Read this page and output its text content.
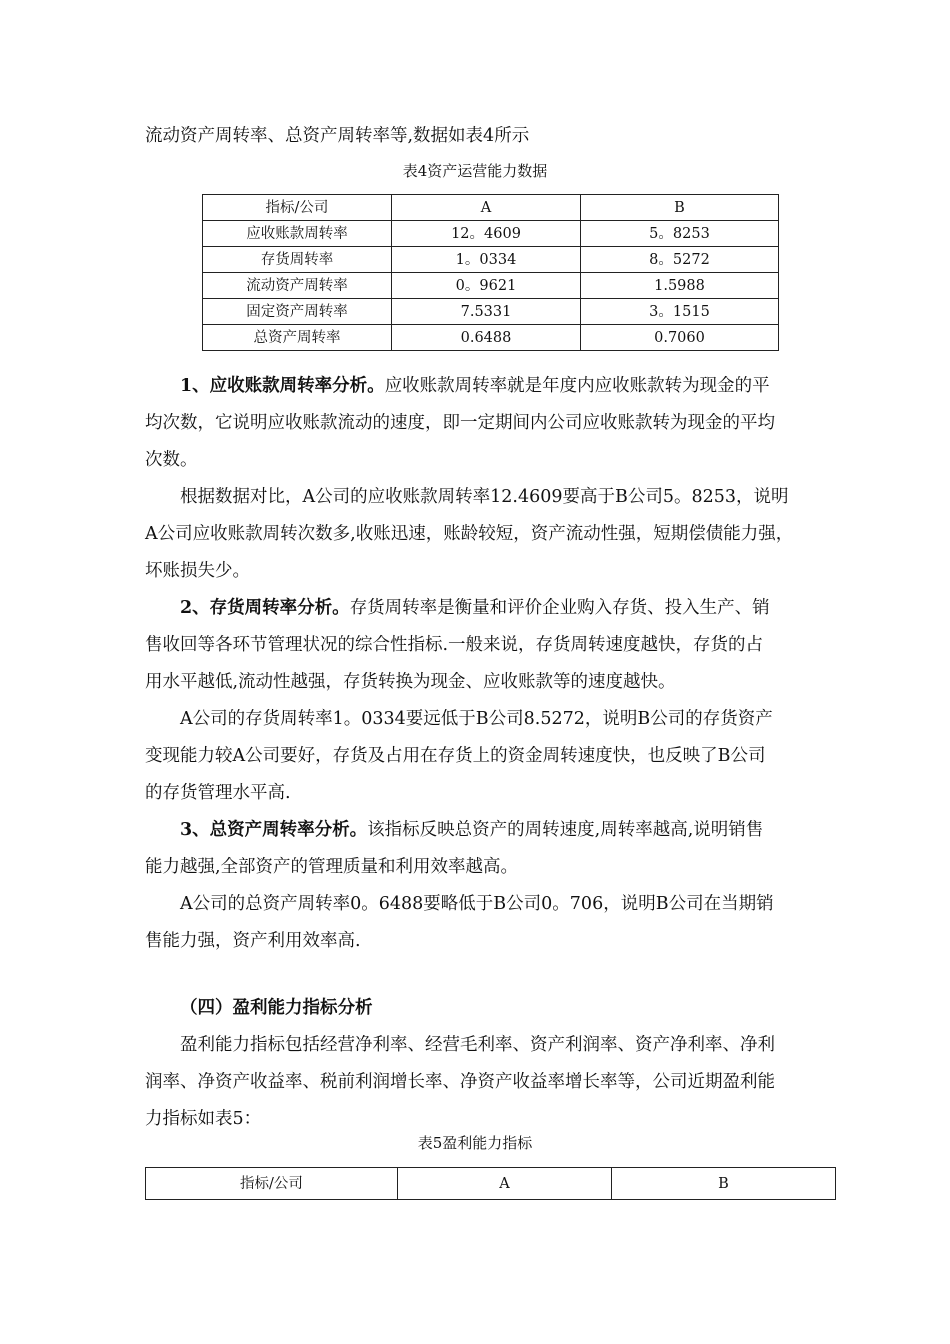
流动资产周转率、总资产周转率等,数据如表4所示
表4资产运营能力数据
指标/公司	A	B
应收账款周转率	12。4609	5。8253
存货周转率	1。0334	8。5272
流动资产周转率	0。9621	1.5988
固定资产周转率	7.5331	3。1515
总资产周转率	0.6488	0.7060
1、应收账款周转率分析。应收账款周转率就是年度内应收账款转为现金的平
均次数，它说明应收账款流动的速度，即一定期间内公司应收账款转为现金的平均
次数。
根据数据对比，A公司的应收账款周转率12.4609要高于B公司5。8253，说明
A公司应收账款周转次数多,收账迅速，账龄较短，资产流动性强，短期偿债能力强，
坏账损失少。
2、存货周转率分析。存货周转率是衡量和评价企业购入存货、投入生产、销
售收回等各环节管理状况的综合性指标.一般来说，存货周转速度越快，存货的占
用水平越低,流动性越强，存货转换为现金、应收账款等的速度越快。
A公司的存货周转率1。0334要远低于B公司8.5272，说明B公司的存货资产
变现能力较A公司要好，存货及占用在存货上的资金周转速度快，也反映了B公司
的存货管理水平高.
3、总资产周转率分析。该指标反映总资产的周转速度,周转率越高,说明销售
能力越强,全部资产的管理质量和利用效率越高。
A公司的总资产周转率0。6488要略低于B公司0。706，说明B公司在当期销
售能力强，资产利用效率高.
（四）盈利能力指标分析
盈利能力指标包括经营净利率、经营毛利率、资产利润率、资产净利率、净利
润率、净资产收益率、税前利润增长率、净资产收益率增长率等，公司近期盈利能
力指标如表5：
表5盈利能力指标
指标/公司	A	B
